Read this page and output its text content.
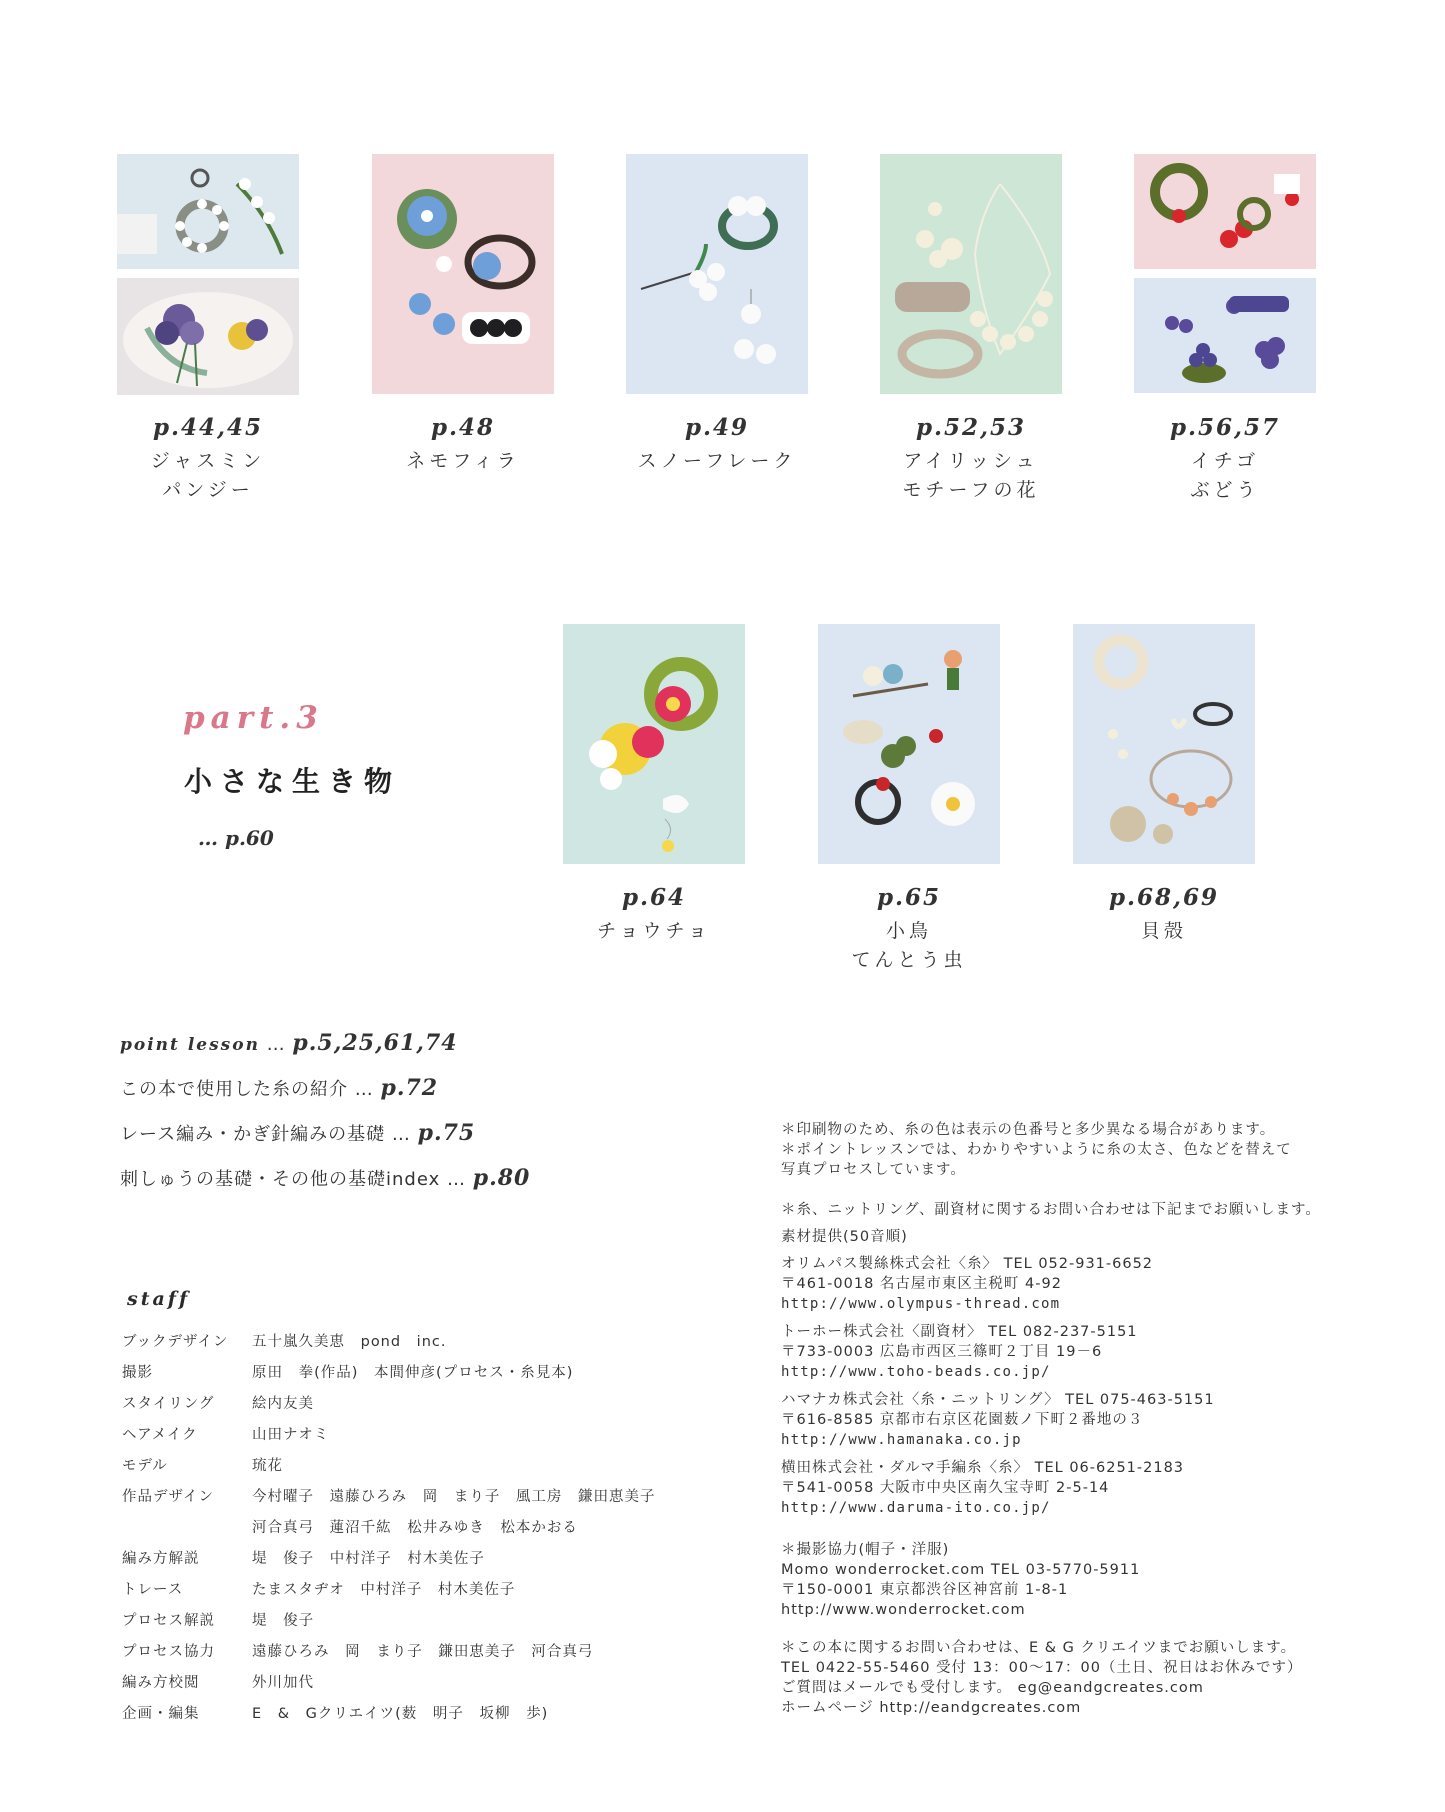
p.44,45
ジャスミン
パンジー
p.48
ネモフィラ
p.49
スノーフレーク
p.52,53
アイリッシュ
モチーフの花
p.56,57
イチゴ
ぶどう
part.3
小さな生き物
… p.60
p.64
チョウチョ
p.65
小鳥
てんとう虫
p.68,69
貝殻
point lesson … p.5,25,61,74
この本で使用した糸の紹介 … p.72
レース編み・かぎ針編みの基礎 … p.75
刺しゅうの基礎・その他の基礎index … p.80
staff
ブックデザイン 五十嵐久美恵 pond inc.
撮影	原田 拳(作品) 本間伸彦(プロセス・糸見本)
スタイリング	絵内友美
ヘアメイク	山田ナオミ
モデル	琉花
作品デザイン	今村曜子 遠藤ひろみ 岡 まり子 風工房 鎌田恵美子
河合真弓 蓮沼千紘 松井みゆき 松本かおる
編み方解説	堤 俊子 中村洋子 村木美佐子
トレース	たまスタヂオ 中村洋子 村木美佐子
プロセス解説	堤 俊子
プロセス協力	遠藤ひろみ 岡 まり子 鎌田恵美子 河合真弓
編み方校閲	外川加代
企画・編集	E & Gクリエイツ(薮 明子 坂柳 歩)
＊印刷物のため、糸の色は表示の色番号と多少異なる場合があります。
＊ポイントレッスンでは、わかりやすいように糸の太さ、色などを替えて
写真プロセスしています。
＊糸、ニットリング、副資材に関するお問い合わせは下記までお願いします。
素材提供(50音順)
オリムパス製絲株式会社〈糸〉 TEL 052-931-6652
〒461-0018 名古屋市東区主税町 4-92
http://www.olympus-thread.com
トーホー株式会社〈副資材〉 TEL 082-237-5151
〒733-0003 広島市西区三篠町２丁目 19－6
http://www.toho-beads.co.jp/
ハマナカ株式会社〈糸・ニットリング〉 TEL 075-463-5151
〒616-8585 京都市右京区花園薮ノ下町２番地の３
http://www.hamanaka.co.jp
横田株式会社・ダルマ手編糸〈糸〉 TEL 06-6251-2183
〒541-0058 大阪市中央区南久宝寺町 2-5-14
http://www.daruma-ito.co.jp/
＊撮影協力(帽子・洋服)
Momo wonderrocket.com TEL 03-5770-5911
〒150-0001 東京都渋谷区神宮前 1-8-1
http://www.wonderrocket.com
＊この本に関するお問い合わせは、E & G クリエイツまでお願いします。
TEL 0422-55-5460 受付 13：00～17：00（土日、祝日はお休みです）
ご質問はメールでも受付します。 eg@eandgcreates.com
ホームページ http://eandgcreates.com
